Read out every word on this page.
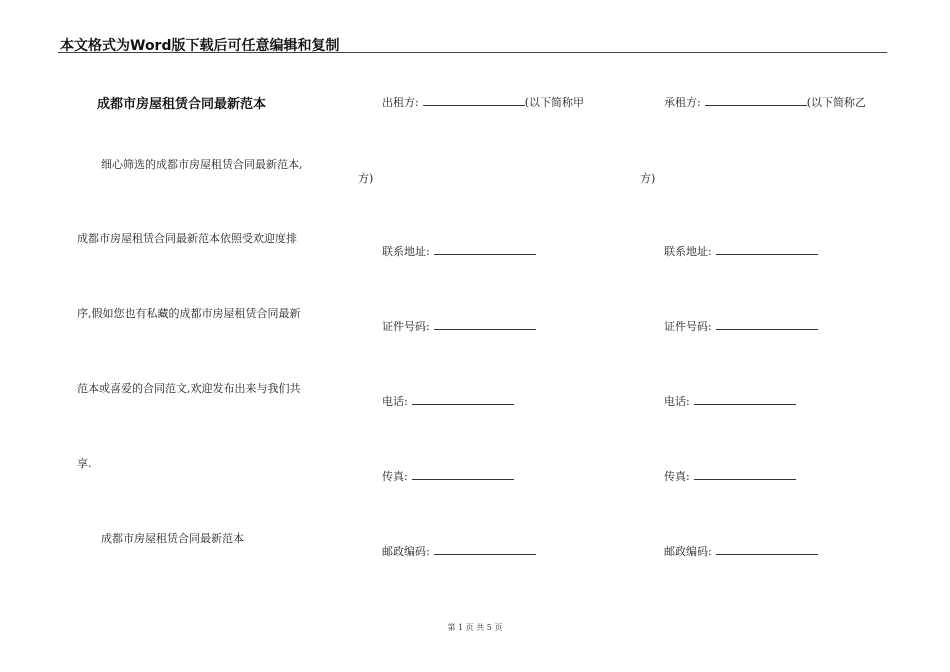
本文格式为Word版下载后可任意编辑和复制
成都市房屋租赁合同最新范本
细心筛选的成都市房屋租赁合同最新范本,
成都市房屋租赁合同最新范本依照受欢迎度排
序,假如您也有私藏的成都市房屋租赁合同最新
范本或喜爱的合同范文,欢迎发布出来与我们共
享.
成都市房屋租赁合同最新范本
出租方:	(以下简称甲
方)
联系地址:
证件号码:
电话:
传真:
邮政编码:
承租方:	(以下简称乙
方)
联系地址:
证件号码:
电话:
传真:
邮政编码:
第 1 页 共 5 页
